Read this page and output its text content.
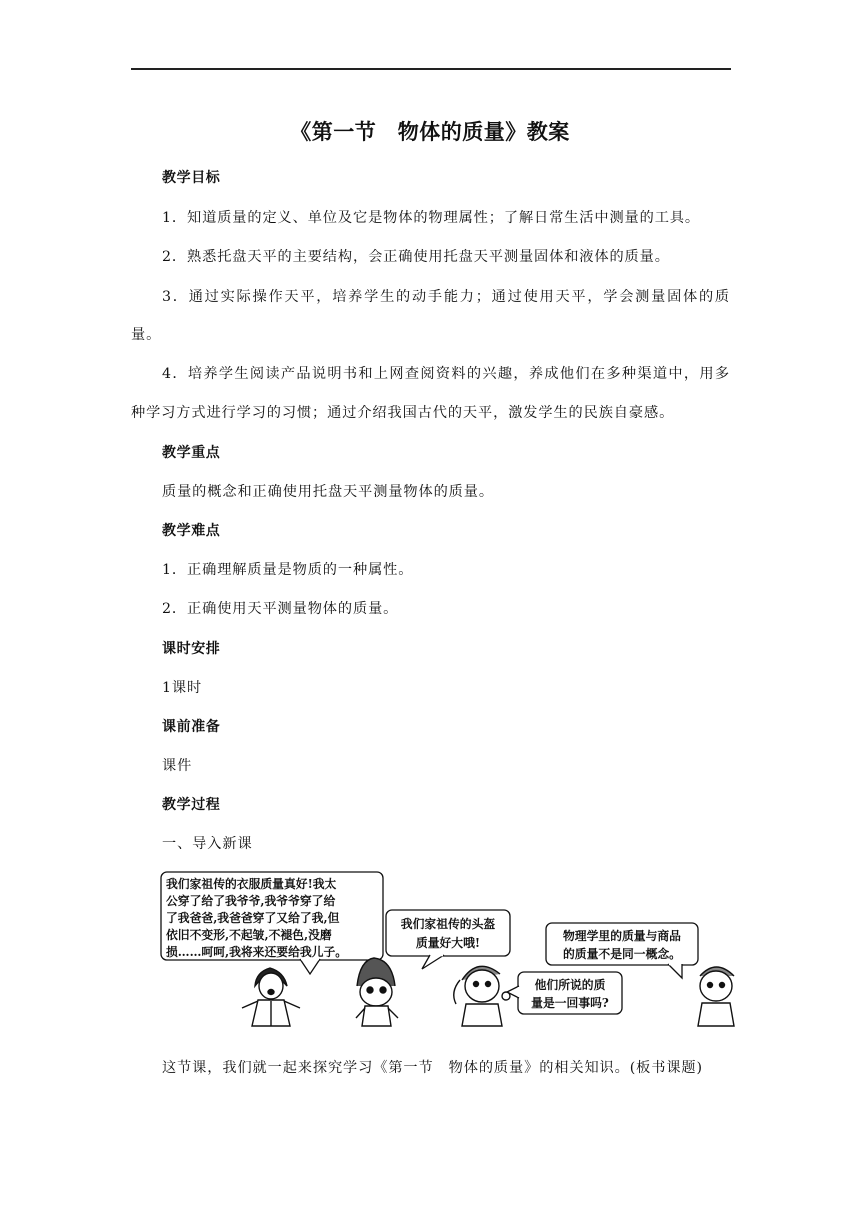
《第一节　物体的质量》教案
教学目标
1．知道质量的定义、单位及它是物体的物理属性；了解日常生活中测量的工具。
2．熟悉托盘天平的主要结构，会正确使用托盘天平测量固体和液体的质量。
3．通过实际操作天平，培养学生的动手能力；通过使用天平，学会测量固体的质
量。
4．培养学生阅读产品说明书和上网查阅资料的兴趣，养成他们在多种渠道中，用多
种学习方式进行学习的习惯；通过介绍我国古代的天平，激发学生的民族自豪感。
教学重点
质量的概念和正确使用托盘天平测量物体的质量。
教学难点
1．正确理解质量是物质的一种属性。
2．正确使用天平测量物体的质量。
课时安排
1课时
课前准备
课件
教学过程
一、导入新课
我们家祖传的衣服质量真好!我太
公穿了给了我爷爷,我爷爷穿了给
了我爸爸,我爸爸穿了又给了我,但
依旧不变形,不起皱,不褪色,没磨
损……呵呵,我将来还要给我儿子。
我们家祖传的头盔
质量好大哦!
他们所说的质
量是一回事吗?
物理学里的质量与商品
的质量不是同一概念。
这节课，我们就一起来探究学习《第一节　物体的质量》的相关知识。(板书课题)
